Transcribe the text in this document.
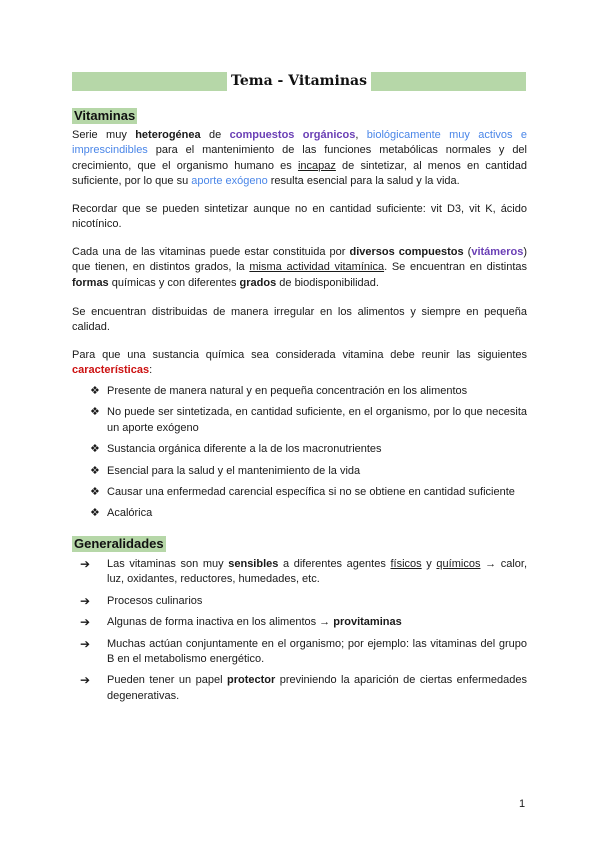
Tema - Vitaminas
Vitaminas

Serie muy heterogénea de compuestos orgánicos, biológicamente muy activos e imprescindibles para el mantenimiento de las funciones metabólicas normales y del crecimiento, que el organismo humano es incapaz de sintetizar, al menos en cantidad suficiente, por lo que su aporte exógeno resulta esencial para la salud y la vida.

Recordar que se pueden sintetizar aunque no en cantidad suficiente: vit D3, vit K, ácido nicotínico.

Cada una de las vitaminas puede estar constituida por diversos compuestos (vitámeros) que tienen, en distintos grados, la misma actividad vitamínica. Se encuentran en distintas formas químicas y con diferentes grados de biodisponibilidad.

Se encuentran distribuidas de manera irregular en los alimentos y siempre en pequeña calidad.

Para que una sustancia química sea considerada vitamina debe reunir las siguientes características:

❖ Presente de manera natural y en pequeña concentración en los alimentos
❖ No puede ser sintetizada, en cantidad suficiente, en el organismo, por lo que necesita un aporte exógeno
❖ Sustancia orgánica diferente a la de los macronutrientes
❖ Esencial para la salud y el mantenimiento de la vida
❖ Causar una enfermedad carencial específica si no se obtiene en cantidad suficiente
❖ Acalórica
Generalidades
➔ Las vitaminas son muy sensibles a diferentes agentes físicos y químicos → calor, luz, oxidantes, reductores, humedades, etc.
➔ Procesos culinarios
➔ Algunas de forma inactiva en los alimentos → provitaminas
➔ Muchas actúan conjuntamente en el organismo; por ejemplo: las vitaminas del grupo B en el metabolismo energético.
➔ Pueden tener un papel protector previniendo la aparición de ciertas enfermedades degenerativas.
1
